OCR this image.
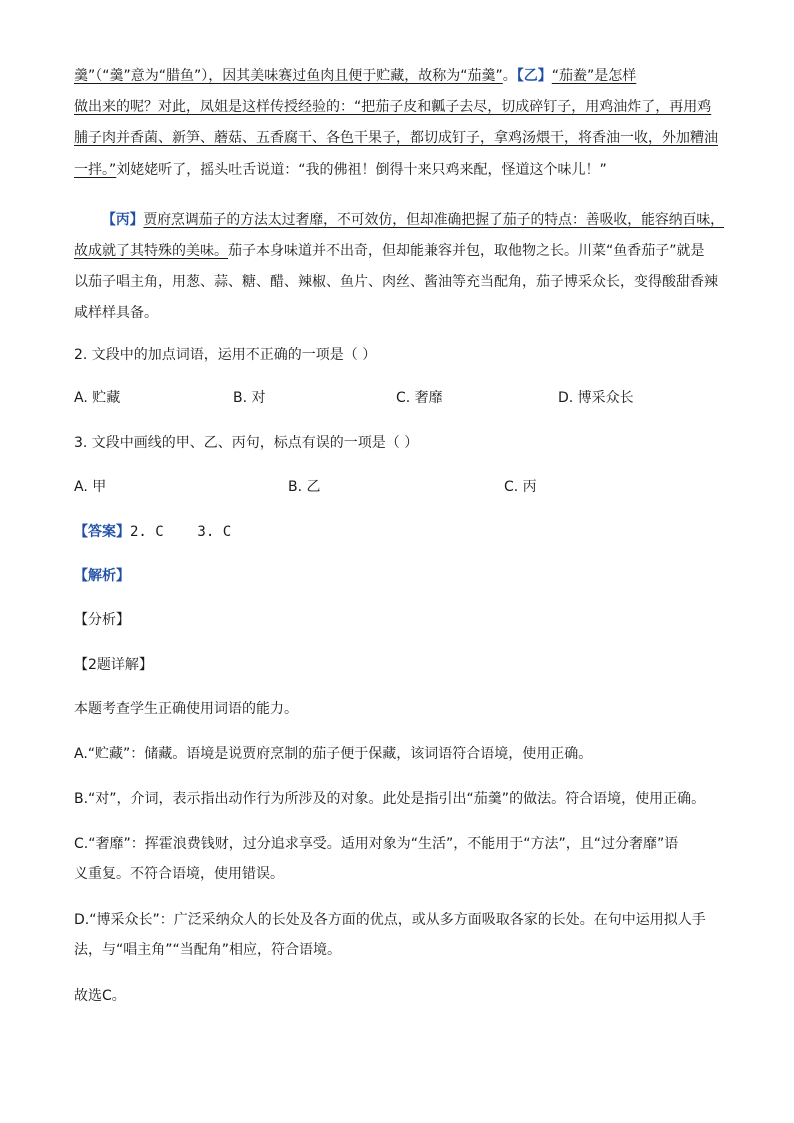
羹”（“羹”意为“腊鱼”），因其美味赛过鱼肉且便于贮藏，故称为“茄羹”。【乙】“茄鲞”是怎样
做出来的呢？对此，凤姐是这样传授经验的：“把茄子皮和瓤子去尽，切成碎钉子，用鸡油炸了，再用鸡
脯子肉并香菌、新笋、蘑菇、五香腐干、各色干果子，都切成钉子，拿鸡汤煨干，将香油一收，外加糟油
一拌。”刘姥姥听了，摇头吐舌说道：“我的佛祖！倒得十来只鸡来配，怪道这个味儿！”
【丙】贾府烹调茄子的方法太过奢靡，不可效仿，但却准确把握了茄子的特点：善吸收，能容纳百味，
故成就了其特殊的美味。茄子本身味道并不出奇，但却能兼容并包，取他物之长。川菜“鱼香茄子”就是
以茄子唱主角，用葱、蒜、糖、醋、辣椒、鱼片、肉丝、酱油等充当配角，茄子博采众长，变得酸甜香辣
咸样样具备。
2. 文段中的加点词语，运用不正确的一项是（ ）
A. 贮藏	B. 对	C. 奢靡	D. 博采众长
3. 文段中画线的甲、乙、丙句，标点有误的一项是（ ）
A. 甲	B. 乙	C. 丙
【答案】2. C    3. C
【解析】
【分析】
【2题详解】
本题考查学生正确使用词语的能力。
A.“贮藏”：储藏。语境是说贾府烹制的茄子便于保藏，该词语符合语境，使用正确。
B.“对”，介词，表示指出动作行为所涉及的对象。此处是指引出“茄羹”的做法。符合语境，使用正确。
C.“奢靡”：挥霍浪费钱财，过分追求享受。适用对象为“生活”，不能用于“方法”，且“过分奢靡”语
义重复。不符合语境，使用错误。
D.“博采众长”：广泛采纳众人的长处及各方面的优点，或从多方面吸取各家的长处。在句中运用拟人手
法，与“唱主角”“当配角”相应，符合语境。
故选C。
